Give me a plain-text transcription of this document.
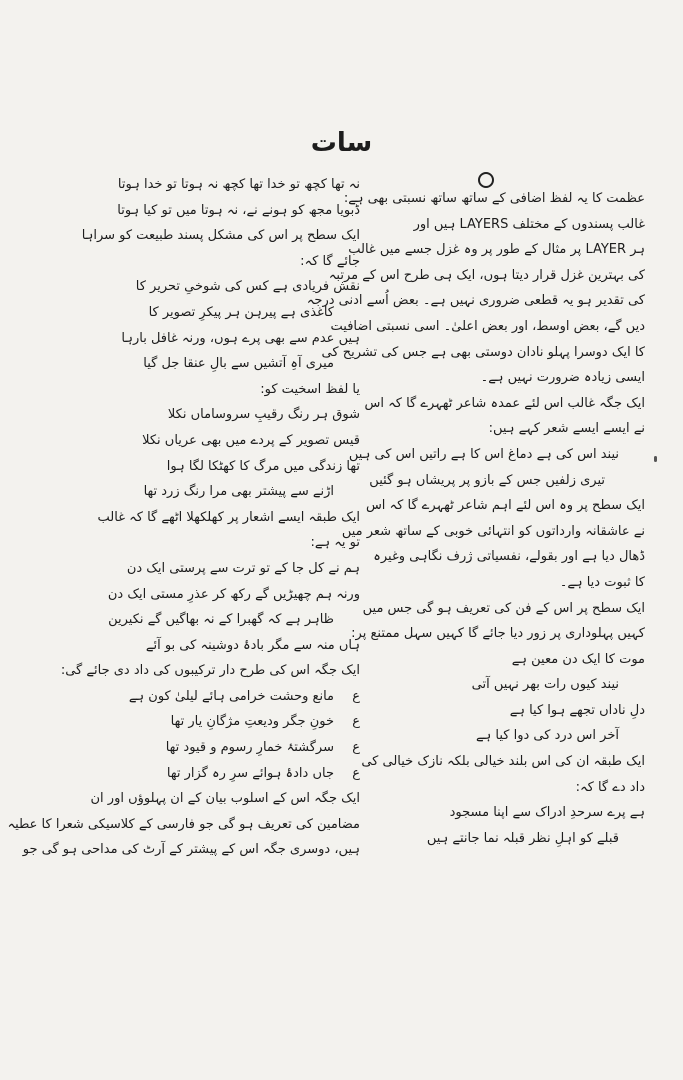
سات

عظمت کا یہ لفظ اضافی کے ساتھ ساتھ نسبتی بھی ہے:

غالب پسندوں کے مختلف LAYERS ہیں اور

ہر LAYER پر مثال کے طور پر وہ غزل جسے میں غالب

کی بہترین غزل قرار دیتا ہوں، ایک ہی طرح اس کے مرتبہ

کی تقدیر ہو یہ قطعی ضروری نہیں ہے۔ بعض اُسے ادنی درجہ

دیں گے، بعض اوسط، اور بعض اعلیٰ۔ اسی نسبتی اضافیت

کا ایک دوسرا پہلو نادان دوستی بھی ہے جس کی تشریح کی

ایسی زیادہ ضرورت نہیں ہے۔

ایک جگہ غالب اس لئے عمدہ شاعر ٹھہرے گا کہ اس

نے ایسے ایسے شعر کہے ہیں:

نیند اس کی ہے دماغ اس کا ہے راتیں اس کی ہیں

تیری زلفیں جس کے بازو پر پریشاں ہو گئیں

ایک سطح پر وہ اس لئے اہم شاعر ٹھہرے گا کہ اس

نے عاشقانہ وارداتوں کو انتہائی خوبی کے ساتھ شعر میں

ڈھال دیا ہے اور بقولے، نفسیاتی ژرف نگاہی وغیرہ

کا ثبوت دیا ہے۔

ایک سطح پر اس کے فن کی تعریف ہو گی جس میں

کہیں پہلوداری پر زور دیا جائے گا کہیں سہل ممتنع پر:

موت کا ایک دن معین ہے

نیند کیوں رات بھر نہیں آتی

دلِ ناداں تجھے ہوا کیا ہے

آخر اس درد کی دوا کیا ہے

ایک طبقہ ان کی اس بلند خیالی بلکہ نازک خیالی کی

داد دے گا کہ:

ہے پرے سرحدِ ادراک سے اپنا مسجود

قبلے کو اہلِ نظر قبلہ نما جانتے ہیں

نہ تھا کچھ تو خدا تھا کچھ نہ ہوتا تو خدا ہوتا

ڈبویا مجھ کو ہونے نے، نہ ہوتا میں تو کیا ہوتا

ایک سطح پر اس کی مشکل پسند طبیعت کو سراہا

جائے گا کہ:

نقش فریادی ہے کس کی شوخیِ تحریر کا

کاغذی ہے پیرہن ہر پیکرِ تصویر کا

ہیں عدم سے بھی پرے ہوں، ورنہ غافل بارہا

میری آہِ آتشیں سے بالِ عنقا جل گیا

یا لفظ اسخیت کو:

شوق ہر رنگ رقیبِ سروساماں نکلا

قیس تصویر کے پردے میں بھی عریاں نکلا

تھا زندگی میں مرگ کا کھٹکا لگا ہوا

اڑنے سے پیشتر بھی مرا رنگ زرد تھا

ایک طبقہ ایسے اشعار پر کھلکھلا اٹھے گا کہ غالب

تو یہ ہے:

ہم نے کل جا کے تو ترت سے پرستی ایک دن

ورنہ ہم چھیڑیں گے رکھ کر عذرِ مستی ایک دن

ظاہر ہے کہ گھبرا کے نہ بھاگیں گے نکیرین

ہاں منہ سے مگر بادۂ دوشینہ کی بو آئے

ایک جگہ اس کی طرح دار ترکیبوں کی داد دی جائے گی:

عمانع وحشت خرامی ہائے لیلیٰ کون ہے

عخونِ جگر ودیعتِ مژگانِ یار تھا

عسرگشتۂ خمارِ رسوم و قیود تھا

عجاں دادۂ ہوائے سرِ رہ گزار تھا

ایک جگہ اس کے اسلوب بیان کے ان پہلوؤں اور ان

مضامین کی تعریف ہو گی جو فارسی کے کلاسیکی شعرا کا عطیہ

ہیں، دوسری جگہ اس کے پیشتر کے آرٹ کی مداحی ہو گی جو
